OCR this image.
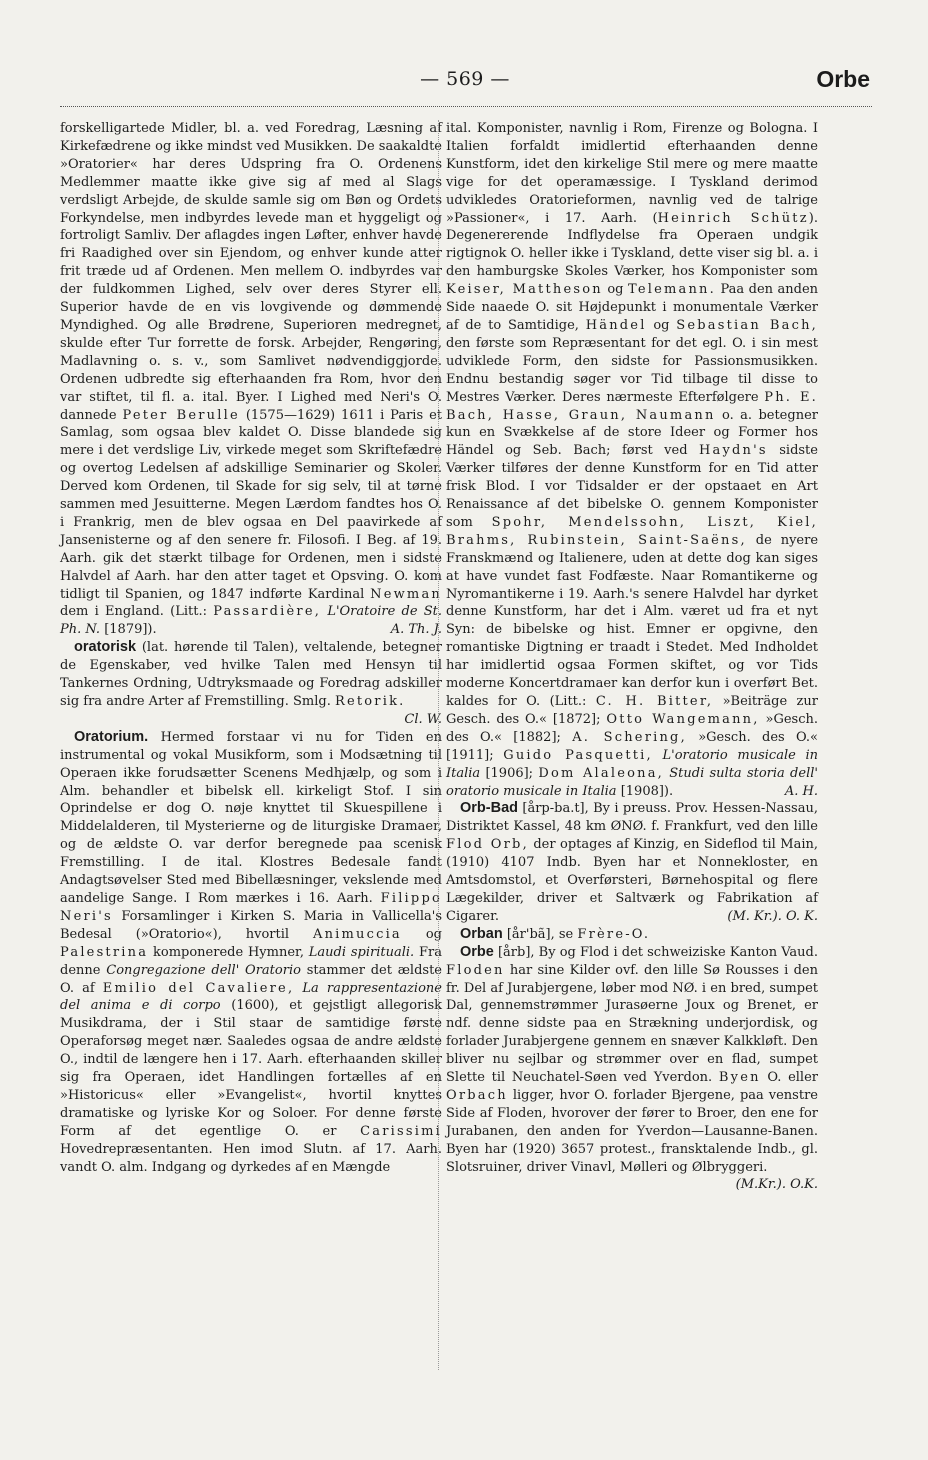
— 569 —	Orbe

forskelligartede Midler, bl. a. ved Foredrag, Læsning af Kirkefædrene og ikke mindst ved Musikken. De saakaldte »Oratorier« har deres Udspring fra O. Ordenens Medlemmer maatte ikke give sig af med al Slags verdsligt Arbejde, de skulde samle sig om Bøn og Ordets Forkyndelse, men indbyrdes levede man et hyggeligt og fortroligt Samliv. Der aflagdes ingen Løfter, enhver havde fri Raadighed over sin Ejendom, og enhver kunde atter frit træde ud af Ordenen. Men mellem O. indbyrdes var der fuldkommen Lighed, selv over deres Styrer ell. Superior havde de en vis lovgivende og dømmende Myndighed. Og alle Brødrene, Superioren medregnet, skulde efter Tur forrette de forsk. Arbejder, Rengøring, Madlavning o. s. v., som Samlivet nødvendiggjorde. Ordenen udbredte sig efterhaanden fra Rom, hvor den var stiftet, til fl. a. ital. Byer. I Lighed med Neri's O. dannede Peter Berulle (1575—1629) 1611 i Paris et Samlag, som ogsaa blev kaldet O. Disse blandede sig mere i det verdslige Liv, virkede meget som Skriftefædre og overtog Ledelsen af adskillige Seminarier og Skoler. Derved kom Ordenen, til Skade for sig selv, til at tørne sammen med Jesuitterne. Megen Lærdom fandtes hos O. i Frankrig, men de blev ogsaa en Del paavirkede af Jansenisterne og af den senere fr. Filosofi. I Beg. af 19. Aarh. gik det stærkt tilbage for Ordenen, men i sidste Halvdel af Aarh. har den atter taget et Opsving. O. kom tidligt til Spanien, og 1847 indførte Kardinal Newman dem i England. (Litt.: Passardière, L'Oratoire de St. Ph. N. [1879]).	A. Th. J.

oratorisk (lat. hørende til Talen), veltalende, betegner de Egenskaber, ved hvilke Talen med Hensyn til Tankernes Ordning, Udtryksmaade og Foredrag adskiller sig fra andre Arter af Fremstilling. Smlg. Retorik.
Cl. W.

Oratorium. Hermed forstaar vi nu for Tiden en instrumental og vokal Musikform, som i Modsætning til Operaen ikke forudsætter Scenens Medhjælp, og som i Alm. behandler et bibelsk ell. kirkeligt Stof. I sin Oprindelse er dog O. nøje knyttet til Skuespillene i Middelalderen, til Mysterierne og de liturgiske Dramaer, og de ældste O. var derfor beregnede paa scenisk Fremstilling. I de ital. Klostres Bedesale fandt Andagtsøvelser Sted med Bibellæsninger, vekslende med aandelige Sange. I Rom mærkes i 16. Aarh. Filippo Neri's Forsamlinger i Kirken S. Maria in Vallicella's Bedesal (»Oratorio«), hvortil Animuccia og Palestrina komponerede Hymner, Laudi spirituali. Fra denne Congregazione dell' Oratorio stammer det ældste O. af Emilio del Cavaliere, La rappresentazione del anima e di corpo (1600), et gejstligt allegorisk Musikdrama, der i Stil staar de samtidige første Operaforsøg meget nær. Saaledes ogsaa de andre ældste O., indtil de længere hen i 17. Aarh. efterhaanden skiller sig fra Operaen, idet Handlingen fortælles af en »Historicus« eller »Evangelist«, hvortil knyttes dramatiske og lyriske Kor og Soloer. For denne første Form af det egentlige O. er Carissimi Hovedrepræsentanten. Hen imod Slutn. af 17. Aarh. vandt O. alm. Indgang og dyrkedes af en Mængde

ital. Komponister, navnlig i Rom, Firenze og Bologna. I Italien forfaldt imidlertid efterhaanden denne Kunstform, idet den kirkelige Stil mere og mere maatte vige for det operamæssige. I Tyskland derimod udvikledes Oratorieformen, navnlig ved de talrige »Passioner«, i 17. Aarh. (Heinrich Schütz). Degenererende Indflydelse fra Operaen undgik rigtignok O. heller ikke i Tyskland, dette viser sig bl. a. i den hamburgske Skoles Værker, hos Komponister som Keiser, Mattheson og Telemann. Paa den anden Side naaede O. sit Højdepunkt i monumentale Værker af de to Samtidige, Händel og Sebastian Bach, den første som Repræsentant for det egl. O. i sin mest udviklede Form, den sidste for Passionsmusikken. Endnu bestandig søger vor Tid tilbage til disse to Mestres Værker. Deres nærmeste Efterfølgere Ph. E. Bach, Hasse, Graun, Naumann o. a. betegner kun en Svækkelse af de store Ideer og Former hos Händel og Seb. Bach; først ved Haydn's sidste Værker tilføres der denne Kunstform for en Tid atter frisk Blod. I vor Tidsalder er der opstaaet en Art Renaissance af det bibelske O. gennem Komponister som Spohr, Mendelssohn, Liszt, Kiel, Brahms, Rubinstein, Saint-Saëns, de nyere Franskmænd og Italienere, uden at dette dog kan siges at have vundet fast Fodfæste. Naar Romantikerne og Nyromantikerne i 19. Aarh.'s senere Halvdel har dyrket denne Kunstform, har det i Alm. været ud fra et nyt Syn: de bibelske og hist. Emner er opgivne, den romantiske Digtning er traadt i Stedet. Med Indholdet har imidlertid ogsaa Formen skiftet, og vor Tids moderne Koncertdramaer kan derfor kun i overført Bet. kaldes for O. (Litt.: C. H. Bitter, »Beiträge zur Gesch. des O.« [1872]; Otto Wangemann, »Gesch. des O.« [1882]; A. Schering, »Gesch. des O.« [1911]; Guido Pasquetti, L'oratorio musicale in Italia [1906]; Dom Alaleona, Studi sulta storia dell' oratorio musicale in Italia [1908]).	A. H.

Orb-Bad [årp-ba.t], By i preuss. Prov. Hessen-Nassau, Distriktet Kassel, 48 km ØNØ. f. Frankfurt, ved den lille Flod Orb, der optages af Kinzig, en Sideflod til Main, (1910) 4107 Indb. Byen har et Nonnekloster, en Amtsdomstol, et Overførsteri, Børnehospital og flere Lægekilder, driver et Saltværk og Fabrikation af Cigarer.	(M. Kr.). O. K.

Orban [år'bã], se Frère-O.

Orbe [årb], By og Flod i det schweiziske Kanton Vaud. Floden har sine Kilder ovf. den lille Sø Rousses i den fr. Del af Jurabjergene, løber mod NØ. i en bred, sumpet Dal, gennemstrømmer Jurasøerne Joux og Brenet, er ndf. denne sidste paa en Strækning underjordisk, og forlader Jurabjergene gennem en snæver Kalkkløft. Den bliver nu sejlbar og strømmer over en flad, sumpet Slette til Neuchatel-Søen ved Yverdon. Byen O. eller Orbach ligger, hvor O. forlader Bjergene, paa venstre Side af Floden, hvorover der fører to Broer, den ene for Jurabanen, den anden for Yverdon—Lausanne-Banen. Byen har (1920) 3657 protest., fransktalende Indb., gl. Slotsruiner, driver Vinavl, Mølleri og Ølbryggeri.
(M.Kr.). O.K.
